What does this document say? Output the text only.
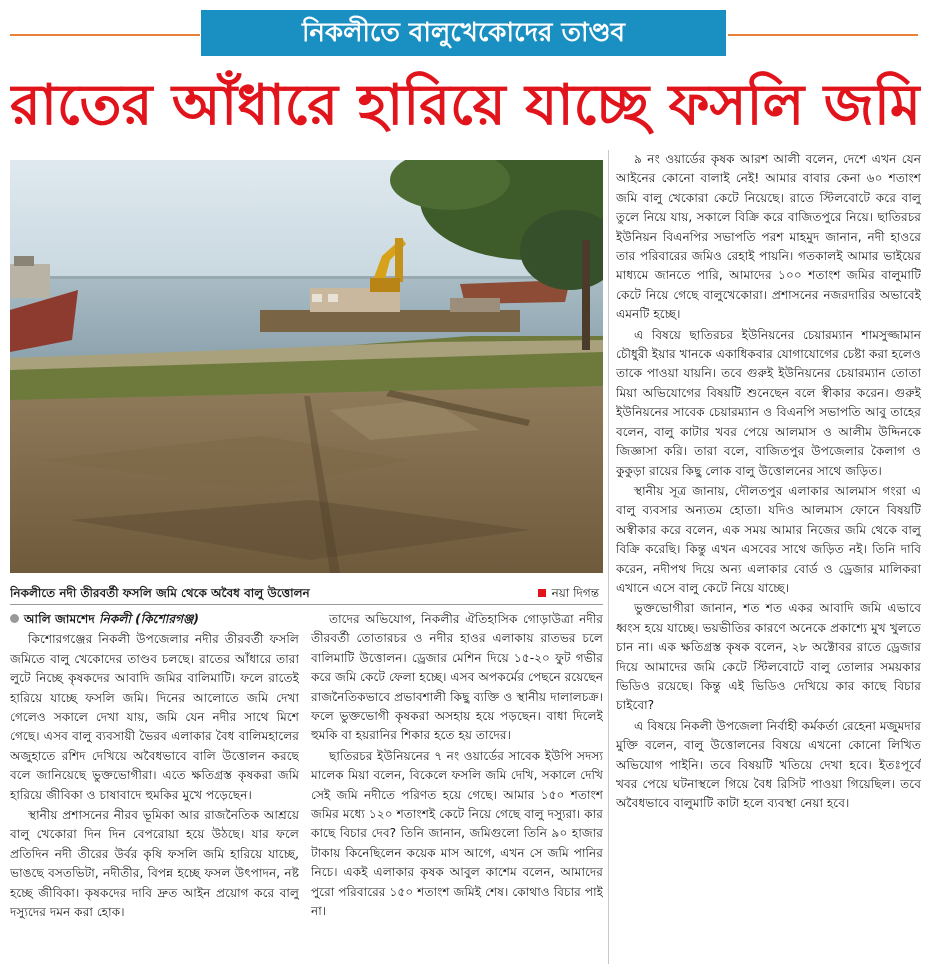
নিকলীতে বালুখেকোদের তাণ্ডব
রাতের আঁধারে হারিয়ে যাচ্ছে ফসলি জমি
নিকলীতে নদী তীরবর্তী ফসলি জমি থেকে অবৈধ বালু উত্তোলন	নয়া দিগন্ত
আলি জামশেদ নিকলী (কিশোরগঞ্জ)

কিশোরগঞ্জের নিকলী উপজেলার নদীর তীরবর্তী ফসলি জমিতে বালু খেকোদের তাণ্ডব চলছে। রাতের আঁধারে তারা লুটে নিচ্ছে কৃষকদের আবাদি জমির বালিমাটি। ফলে রাতেই হারিয়ে যাচ্ছে ফসলি জমি। দিনের আলোতে জমি দেখা গেলেও সকালে দেখা যায়, জমি যেন নদীর সাথে মিশে গেছে। এসব বালু ব্যবসায়ী ভৈরব এলাকার বৈধ বালিমহালের অজুহাতে রশিদ দেখিয়ে অবৈধভাবে বালি উত্তোলন করছে বলে জানিয়েছে ভুক্তভোগীরা। এতে ক্ষতিগ্রস্ত কৃষকরা জমি হারিয়ে জীবিকা ও চাষাবাদে হুমকির মুখে পড়েছেন।

স্থানীয় প্রশাসনের নীরব ভূমিকা আর রাজনৈতিক আশ্রয়ে বালু খেকোরা দিন দিন বেপরোয়া হয়ে উঠছে। যার ফলে প্রতিদিন নদী তীরের উর্বর কৃষি ফসলি জমি হারিয়ে যাচ্ছে, ভাঙছে বসতভিটা, নদীতীর, বিপন্ন হচ্ছে ফসল উৎপাদন, নষ্ট হচ্ছে জীবিকা। কৃষকদের দাবি দ্রুত আইন প্রয়োগ করে বালু দস্যুদের দমন করা হোক।

তাদের অভিযোগ, নিকলীর ঐতিহাসিক গোড়াউত্রা নদীর তীরবর্তী তোতারচর ও নদীর হাওর এলাকায় রাতভর চলে বালিমাটি উত্তোলন। ড্রেজার মেশিন দিয়ে ১৫-২০ ফুট গভীর করে জমি কেটে ফেলা হচ্ছে। এসব অপকর্মের পেছনে রয়েছেন রাজনৈতিকভাবে প্রভাবশালী কিছু ব্যক্তি ও স্থানীয় দালালচক্র। ফলে ভুক্তভোগী কৃষকরা অসহায় হয়ে পড়ছেন। বাধা দিলেই হুমকি বা হয়রানির শিকার হতে হয় তাদের।

ছাতিরচর ইউনিয়নের ৭ নং ওয়ার্ডের সাবেক ইউপি সদস্য মালেক মিয়া বলেন, বিকেলে ফসলি জমি দেখি, সকালে দেখি সেই জমি নদীতে পরিণত হয়ে গেছে। আমার ১৫০ শতাংশ জমির মধ্যে ১২০ শতাংশই কেটে নিয়ে গেছে বালু দস্যুরা। কার কাছে বিচার দেব? তিনি জানান, জমিগুলো তিনি ৯০ হাজার টাকায় কিনেছিলেন কয়েক মাস আগে, এখন সে জমি পানির নিচে। একই এলাকার কৃষক আবুল কাশেম বলেন, আমাদের পুরো পরিবারের ১৫০ শতাংশ জমিই শেষ। কোথাও বিচার পাই না।

৯ নং ওয়ার্ডের কৃষক আরশ আলী বলেন, দেশে এখন যেন আইনের কোনো বালাই নেই! আমার বাবার কেনা ৬০ শতাংশ জমি বালু খেকোরা কেটে নিয়েছে। রাতে স্টিলবোটে করে বালু তুলে নিয়ে যায়, সকালে বিক্রি করে বাজিতপুরে নিয়ে। ছাতিরচর ইউনিয়ন বিএনপির সভাপতি পরশ মাহমুদ জানান, নদী হাওরে তার পরিবারের জমিও রেহাই পায়নি। গতকালই আমার ভাইয়ের মাধ্যমে জানতে পারি, আমাদের ১০০ শতাংশ জমির বালুমাটি কেটে নিয়ে গেছে বালুখেকোরা। প্রশাসনের নজরদারির অভাবেই এমনটি হচ্ছে।

এ বিষয়ে ছাতিরচর ইউনিয়নের চেয়ারম্যান শামসুজ্জামান চৌধুরী ইয়ার খানকে একাধিকবার যোগাযোগের চেষ্টা করা হলেও তাকে পাওয়া যায়নি। তবে গুরুই ইউনিয়নের চেয়ারম্যান তোতা মিয়া অভিযোগের বিষয়টি শুনেছেন বলে স্বীকার করেন। গুরুই ইউনিয়নের সাবেক চেয়ারম্যান ও বিএনপি সভাপতি আবু তাহের বলেন, বালু কাটার খবর পেয়ে আলমাস ও আলীম উদ্দিনকে জিজ্ঞাসা করি। তারা বলে, বাজিতপুর উপজেলার কৈলাগ ও কুকুড়া রায়ের কিছু লোক বালু উত্তোলনের সাথে জড়িত।

স্থানীয় সূত্র জানায়, দৌলতপুর এলাকার আলমাস গংরা এ বালু ব্যবসার অন্যতম হোতা। যদিও আলমাস ফোনে বিষয়টি অস্বীকার করে বলেন, এক সময় আমার নিজের জমি থেকে বালু বিক্রি করেছি। কিন্তু এখন এসবের সাথে জড়িত নই। তিনি দাবি করেন, নদীপথ দিয়ে অন্য এলাকার বোর্ড ও ড্রেজার মালিকরা এখানে এসে বালু কেটে নিয়ে যাচ্ছে।

ভুক্তভোগীরা জানান, শত শত একর আবাদি জমি এভাবে ধ্বংস হয়ে যাচ্ছে। ভয়ভীতির কারণে অনেকে প্রকাশ্যে মুখ খুলতে চান না। এক ক্ষতিগ্রস্ত কৃষক বলেন, ২৮ অক্টোবর রাতে ড্রেজার দিয়ে আমাদের জমি কেটে স্টিলবোটে বালু তোলার সময়কার ভিডিও রয়েছে। কিন্তু এই ভিডিও দেখিয়ে কার কাছে বিচার চাইবো?

এ বিষয়ে নিকলী উপজেলা নির্বাহী কর্মকর্তা রেহেনা মজুমদার মুক্তি বলেন, বালু উত্তোলনের বিষয়ে এখনো কোনো লিখিত অভিযোগ পাইনি। তবে বিষয়টি খতিয়ে দেখা হবে। ইতঃপূর্বে খবর পেয়ে ঘটনাস্থলে গিয়ে বৈধ রিসিট পাওয়া গিয়েছিল। তবে অবৈধভাবে বালুমাটি কাটা হলে ব্যবস্থা নেয়া হবে।
